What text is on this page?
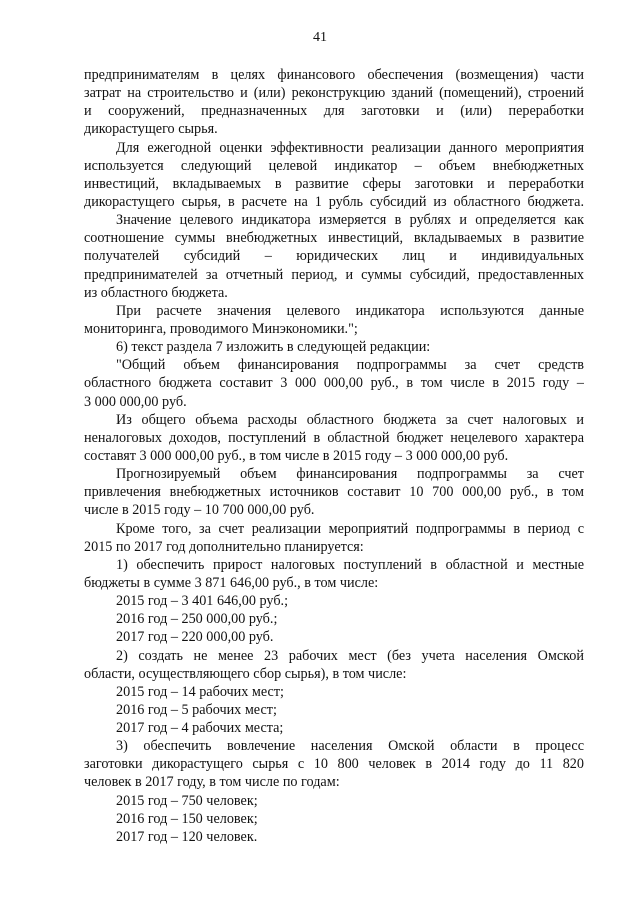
41
предпринимателям в целях финансового обеспечения (возмещения) части
затрат на строительство и (или) реконструкцию зданий (помещений), строений
и сооружений, предназначенных для заготовки и (или) переработки
дикорастущего сырья.
Для ежегодной оценки эффективности реализации данного мероприятия
используется следующий целевой индикатор – объем внебюджетных
инвестиций, вкладываемых в развитие сферы заготовки и переработки
дикорастущего сырья, в расчете на 1 рубль субсидий из областного бюджета.
Значение целевого индикатора измеряется в рублях и определяется как
соотношение суммы внебюджетных инвестиций, вкладываемых в развитие
получателей субсидий – юридических лиц и индивидуальных
предпринимателей за отчетный период, и суммы субсидий, предоставленных
из областного бюджета.
При расчете значения целевого индикатора используются данные
мониторинга, проводимого Минэкономики.";
6) текст раздела 7 изложить в следующей редакции:
"Общий объем финансирования подпрограммы за счет средств
областного бюджета составит 3 000 000,00 руб., в том числе в 2015 году –
3 000 000,00 руб.
Из общего объема расходы областного бюджета за счет налоговых и
неналоговых доходов, поступлений в областной бюджет нецелевого характера
составят 3 000 000,00 руб., в том числе в 2015 году – 3 000 000,00 руб.
Прогнозируемый объем финансирования подпрограммы за счет
привлечения внебюджетных источников составит 10 700 000,00 руб., в том
числе в 2015 году – 10 700 000,00 руб.
Кроме того, за счет реализации мероприятий подпрограммы в период с
2015 по 2017 год дополнительно планируется:
1) обеспечить прирост налоговых поступлений в областной и местные
бюджеты в сумме 3 871 646,00 руб., в том числе:
2015 год – 3 401 646,00 руб.;
2016 год – 250 000,00 руб.;
2017 год – 220 000,00 руб.
2) создать не менее 23 рабочих мест (без учета населения Омской
области, осуществляющего сбор сырья), в том числе:
2015 год – 14 рабочих мест;
2016 год – 5 рабочих мест;
2017 год – 4 рабочих места;
3) обеспечить вовлечение населения Омской области в процесс
заготовки дикорастущего сырья с 10 800 человек в 2014 году до 11 820
человек в 2017 году, в том числе по годам:
2015 год – 750 человек;
2016 год – 150 человек;
2017 год – 120 человек.
